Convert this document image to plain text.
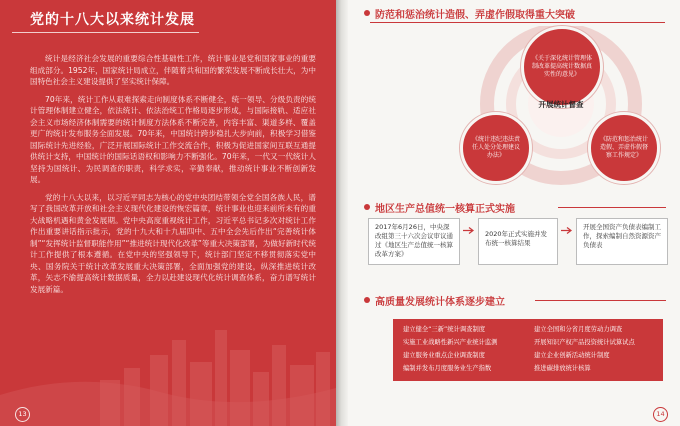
党的十八大以来统计发展

统计是经济社会发展的重要综合性基础性工作，统计事业是党和国家事业的重要组成部分。1952年，国家统计局成立，伴随着共和国的繁荣发展不断成长壮大，为中国特色社会主义建设提供了坚实统计保障。

70年来，统计工作从艰难探索走向制度体系不断健全，统一领导、分级负责的统计管理体制建立健全，依法统计、依法治统工作格局逐步形成，与国际接轨、适应社会主义市场经济体制需要的统计制度方法体系不断完善，内容丰富、渠道多样、覆盖更广的统计发布服务全面发展。70年来，中国统计跨步稳扎大步向前，积极学习借鉴国际统计先进经验，广泛开展国际统计工作交流合作，积极为促进国家间互联互通提供统计支持，中国统计的国际话语权和影响力不断强化。70年来，一代又一代统计人坚持为国统计、为民调查的职责，科学求实，辛勤奉献，推动统计事业不断创新发展。

党的十八大以来，以习近平同志为核心的党中央团结带领全党全国各族人民，谱写了我国改革开放和社会主义现代化建设的恢宏篇章，统计事业也迎来前所未有的重大战略机遇和黄金发展期。党中央高度重视统计工作，习近平总书记多次对统计工作作出重要讲话指示批示，党的十九大和十九届四中、五中全会先后作出“完善统计体制”“发挥统计监督职能作用”“推进统计现代化改革”等重大决策部署，为做好新时代统计工作提供了根本遵循。在党中央的坚强领导下，统计部门坚定不移贯彻落实党中央、国务院关于统计改革发展重大决策部署，全面加强党的建设，纵深推进统计改革，矢志不渝提高统计数据质量，全力以赴建设现代化统计调查体系，奋力谱写统计发展新篇。

13
防范和惩治统计造假、弄虚作假取得重大突破
《关于深化统计管理体制改革提高统计数据真实性的意见》
开展统计督查
《统计违纪违法责任人处分处理建议办法》
《防范和惩治统计造假、弄虚作假督察工作规定》
地区生产总值统一核算正式实施
2017年6月26日，中央深改组第三十六次会议审议通过《地区生产总值统一核算改革方案》
2020年正式实施并发布统一核算结果
开展全国资产负债表编制工作，探索编制自然资源资产负债表
高质量发展统计体系逐步建立
建立健全“三新”统计调查制度	建立全国和分省月度劳动力调查
实施工业战略性新兴产业统计监测	开展知识产权产品投资统计试算试点
建立服务业重点企业调查制度	建立企业创新活动统计制度
编制并发布月度服务业生产指数	推进碳排放统计核算
14
